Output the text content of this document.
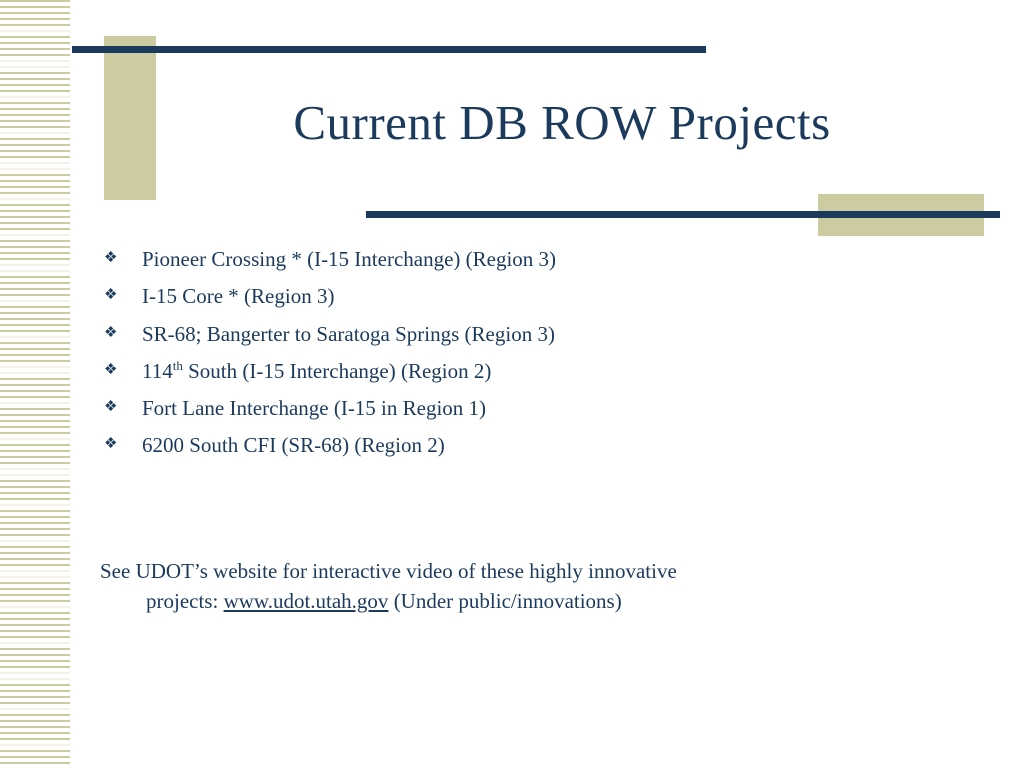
Current DB ROW Projects
❖	Pioneer Crossing * (I-15 Interchange) (Region 3)
❖	I-15 Core * (Region 3)
❖	SR-68; Bangerter to Saratoga Springs (Region 3)
❖	114th South (I-15 Interchange) (Region 2)
❖	Fort Lane Interchange (I-15 in Region 1)
❖	6200 South CFI (SR-68) (Region 2)
See UDOT’s website for interactive video of these highly innovative
projects: www.udot.utah.gov (Under public/innovations)
